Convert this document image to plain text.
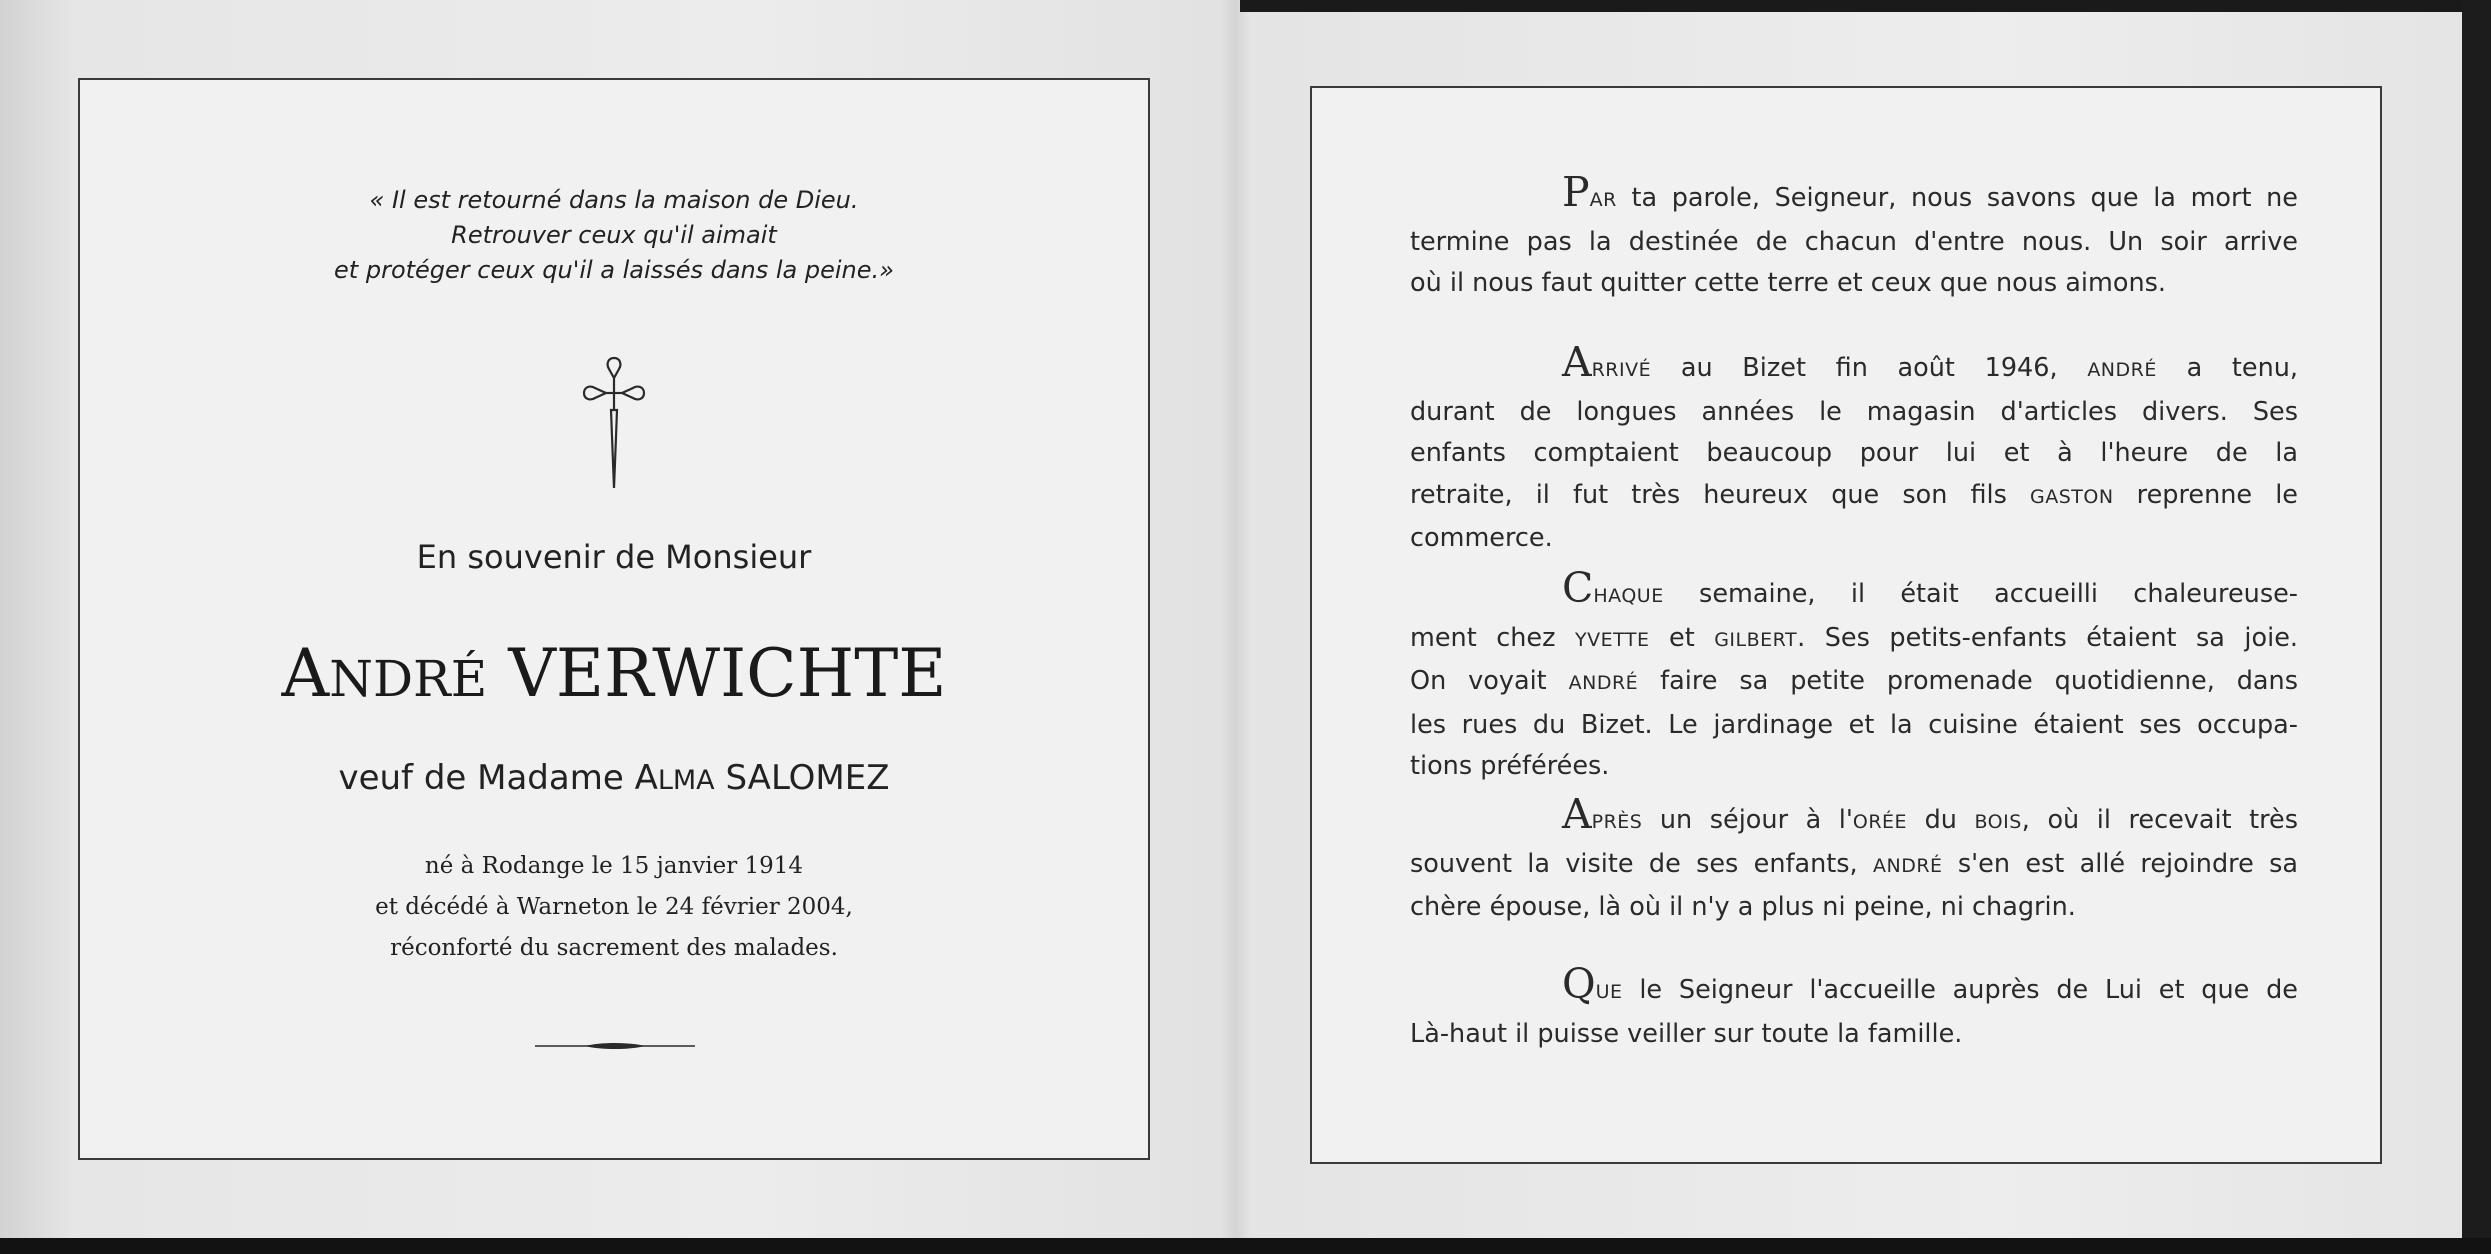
« Il est retourné dans la maison de Dieu.
Retrouver ceux qu'il aimait
et protéger ceux qu'il a laissés dans la peine.»
En souvenir de Monsieur
ANDRÉ VERWICHTE
veuf de Madame ALMA SALOMEZ
né à Rodange le 15 janvier 1914
et décédé à Warneton le 24 février 2004,
réconforté du sacrement des malades.
PAR ta parole, Seigneur, nous savons que la mort ne
termine pas la destinée de chacun d'entre nous. Un soir arrive
où il nous faut quitter cette terre et ceux que nous aimons.
ARRIVÉ au Bizet fin août 1946, ANDRÉ a tenu,
durant de longues années le magasin d'articles divers. Ses
enfants comptaient beaucoup pour lui et à l'heure de la
retraite, il fut très heureux que son fils GASTON reprenne le
commerce.
CHAQUE semaine, il était accueilli chaleureuse-
ment chez YVETTE et GILBERT. Ses petits-enfants étaient sa joie.
On voyait ANDRÉ faire sa petite promenade quotidienne, dans
les rues du Bizet. Le jardinage et la cuisine étaient ses occupa-
tions préférées.
APRÈS un séjour à l'ORÉE du BOIS, où il recevait très
souvent la visite de ses enfants, ANDRÉ s'en est allé rejoindre sa
chère épouse, là où il n'y a plus ni peine, ni chagrin.
QUE le Seigneur l'accueille auprès de Lui et que de
Là-haut il puisse veiller sur toute la famille.
